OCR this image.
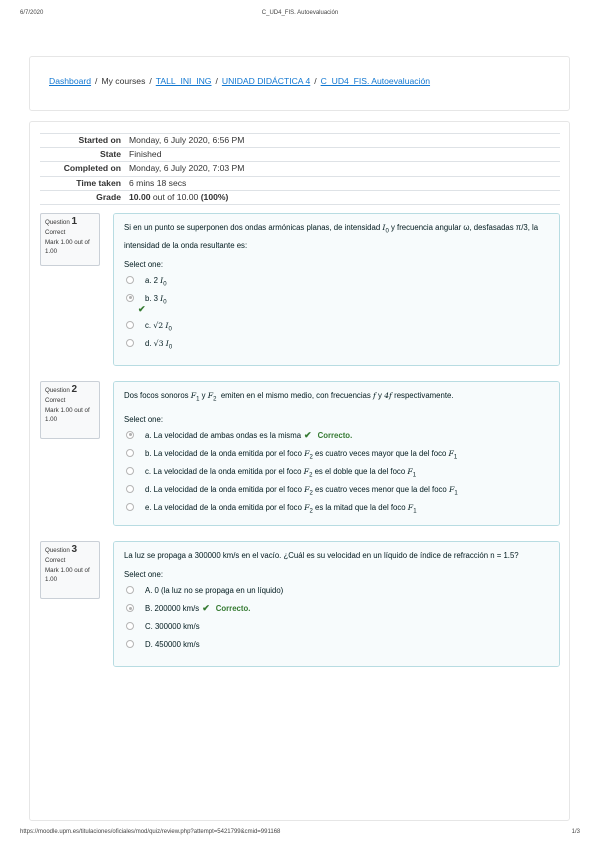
6/7/2020	C_UD4_FIS. Autoevaluación
Dashboard / My courses / TALL_INI_ING / UNIDAD DIDÁCTICA 4 / C_UD4_FIS. Autoevaluación
Started on	Monday, 6 July 2020, 6:56 PM
State	Finished
Completed on	Monday, 6 July 2020, 7:03 PM
Time taken	6 mins 18 secs
Grade	10.00 out of 10.00 (100%)
Question 1
Correct
Mark 1.00 out of 1.00
Si en un punto se superponen dos ondas armónicas planas, de intensidad $I_0$ y frecuencia angular ω, desfasadas π/3, la intensidad de la onda resultante es:
Select one:
a. 2 $I_0$
b. 3 $I_0$
✔
c. √2 $I_0$
d. √3 $I_0$
Question 2
Correct
Mark 1.00 out of 1.00
Dos focos sonoros $F_1$ y $F_2$  emiten en el mismo medio, con frecuencias f y 4f respectivamente.
Select one:
a. La velocidad de ambas ondas es la misma ✔ Correcto.
b. La velocidad de la onda emitida por el foco $F_2$ es cuatro veces mayor que la del foco $F_1$
c. La velocidad de la onda emitida por el foco $F_2$ es el doble que la del foco $F_1$
d. La velocidad de la onda emitida por el foco $F_2$ es cuatro veces menor que la del foco $F_1$
e. La velocidad de la onda emitida por el foco $F_2$ es la mitad que la del foco $F_1$
Question 3
Correct
Mark 1.00 out of 1.00
La luz se propaga a 300000 km/s en el vacío. ¿Cuál es su velocidad en un líquido de índice de refracción n = 1.5?
Select one:
A. 0 (la luz no se propaga en un líquido)
B. 200000 km/s ✔ Correcto.
C. 300000 km/s
D. 450000 km/s
https://moodle.upm.es/titulaciones/oficiales/mod/quiz/review.php?attempt=5421799&cmid=991168	1/3
